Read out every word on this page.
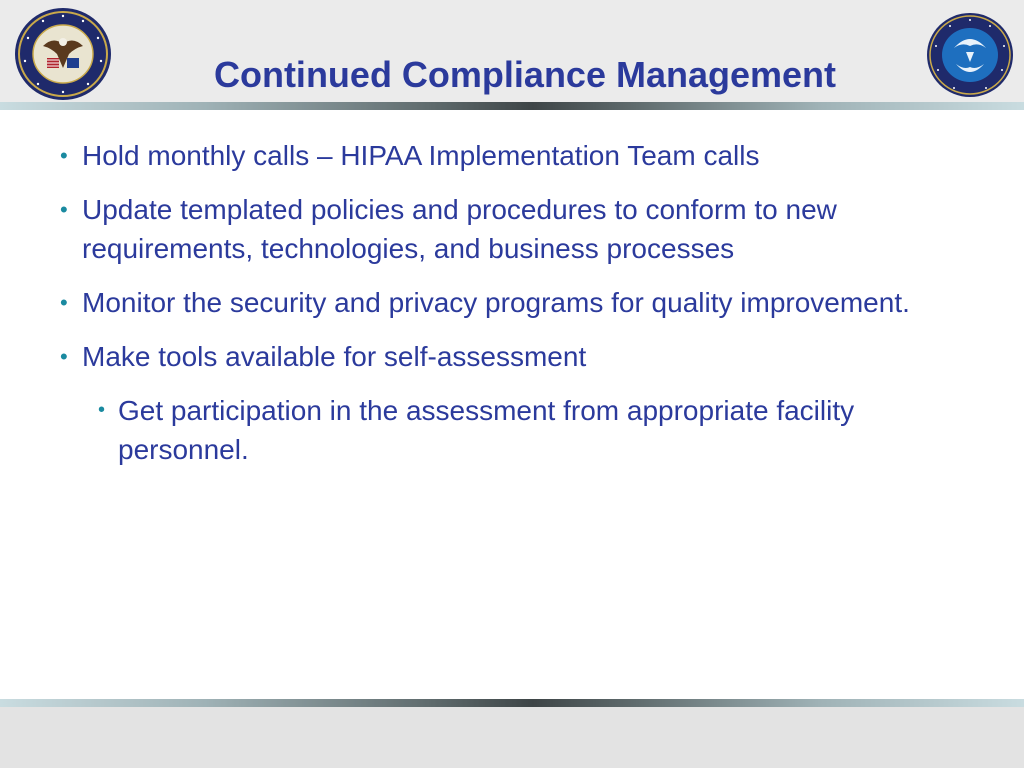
Continued Compliance Management
• Hold monthly calls – HIPAA Implementation Team calls
• Update templated policies and procedures to conform to new requirements, technologies, and business processes
• Monitor the security and privacy programs for quality improvement.
• Make tools available for self-assessment
• Get participation in the assessment from appropriate facility personnel.
